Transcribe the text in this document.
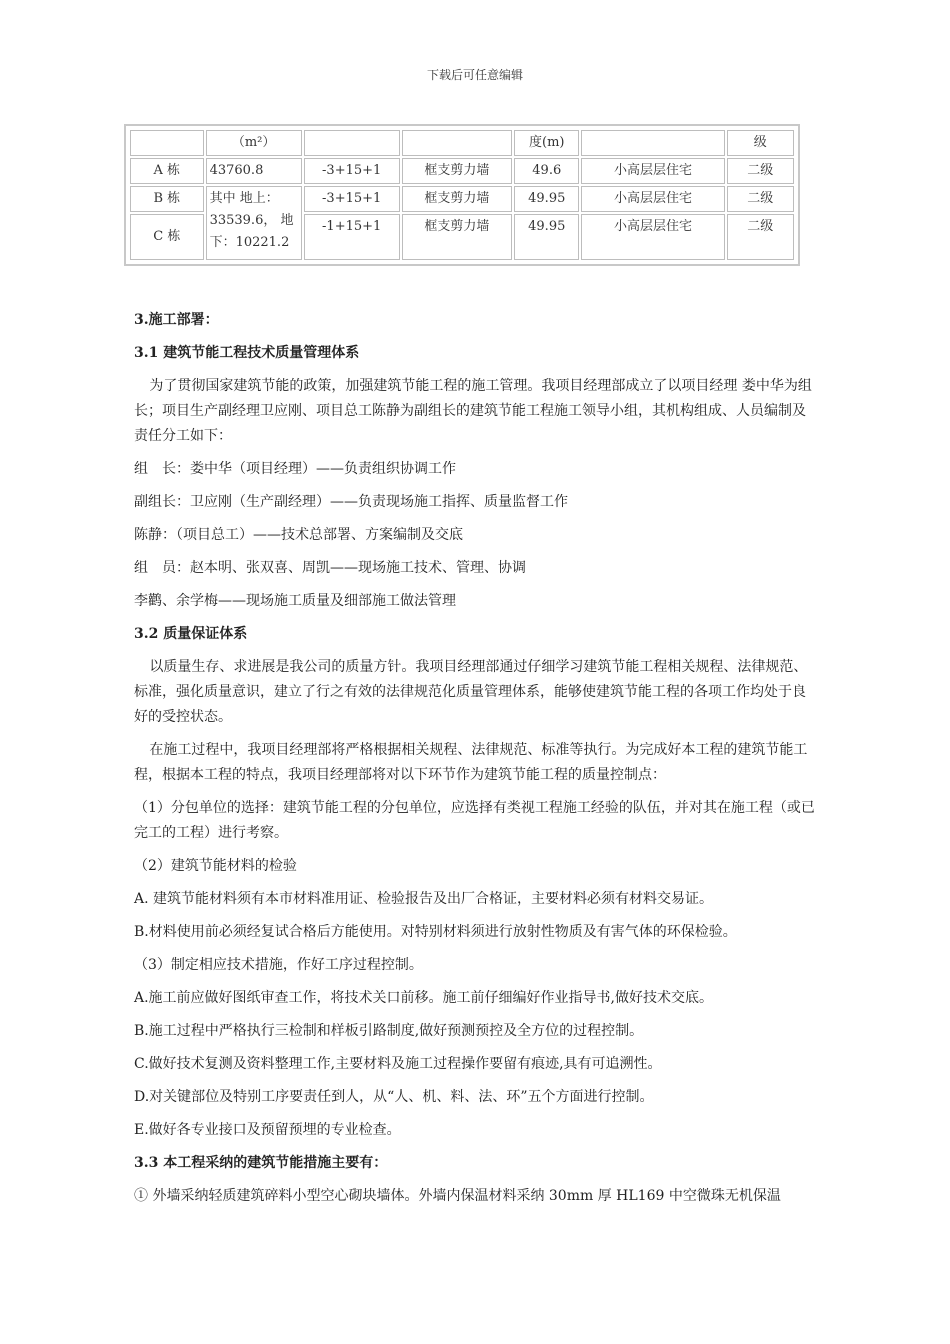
下载后可任意编辑
	（m²）			度(m)		级
A 栋	43760.8	-3+15+1	框支剪力墙	49.6	小高层层住宅	二级
B 栋	其中 地上：
33539.6， 地
下：10221.2	-3+15+1	框支剪力墙	49.95	小高层层住宅	二级
C 栋		-1+15+1	框支剪力墙	49.95	小高层层住宅	二级

3.施工部署：

3.1 建筑节能工程技术质量管理体系

为了贯彻国家建筑节能的政策，加强建筑节能工程的施工管理。我项目经理部成立了以项目经理 娄中华为组长；项目生产副经理卫应刚、项目总工陈静为副组长的建筑节能工程施工领导小组，其机构组成、人员编制及责任分工如下：

组　长：娄中华（项目经理）——负责组织协调工作

副组长：卫应刚（生产副经理）——负责现场施工指挥、质量监督工作

陈静：（项目总工）——技术总部署、方案编制及交底

组　员：赵本明、张双喜、周凯——现场施工技术、管理、协调

李鹳、余学梅——现场施工质量及细部施工做法管理

3.2 质量保证体系

以质量生存、求进展是我公司的质量方针。我项目经理部通过仔细学习建筑节能工程相关规程、法律规范、标准，强化质量意识，建立了行之有效的法律规范化质量管理体系，能够使建筑节能工程的各项工作均处于良好的受控状态。

在施工过程中，我项目经理部将严格根据相关规程、法律规范、标准等执行。为完成好本工程的建筑节能工程，根据本工程的特点，我项目经理部将对以下环节作为建筑节能工程的质量控制点：

（1）分包单位的选择：建筑节能工程的分包单位，应选择有类视工程施工经验的队伍，并对其在施工程（或已完工的工程）进行考察。

（2）建筑节能材料的检验

A. 建筑节能材料须有本市材料准用证、检验报告及出厂合格证，主要材料必须有材料交易证。

B.材料使用前必须经复试合格后方能使用。对特别材料须进行放射性物质及有害气体的环保检验。

（3）制定相应技术措施，作好工序过程控制。

A.施工前应做好图纸审查工作，将技术关口前移。施工前仔细编好作业指导书,做好技术交底。

B.施工过程中严格执行三检制和样板引路制度,做好预测预控及全方位的过程控制。

C.做好技术复测及资料整理工作,主要材料及施工过程操作要留有痕迹,具有可追溯性。

D.对关键部位及特别工序要责任到人，从“人、机、料、法、环”五个方面进行控制。

E.做好各专业接口及预留预埋的专业检查。

3.3 本工程采纳的建筑节能措施主要有：

① 外墙采纳轻质建筑碎料小型空心砌块墙体。外墙内保温材料采纳 30mm 厚 HL169 中空微珠无机保温
